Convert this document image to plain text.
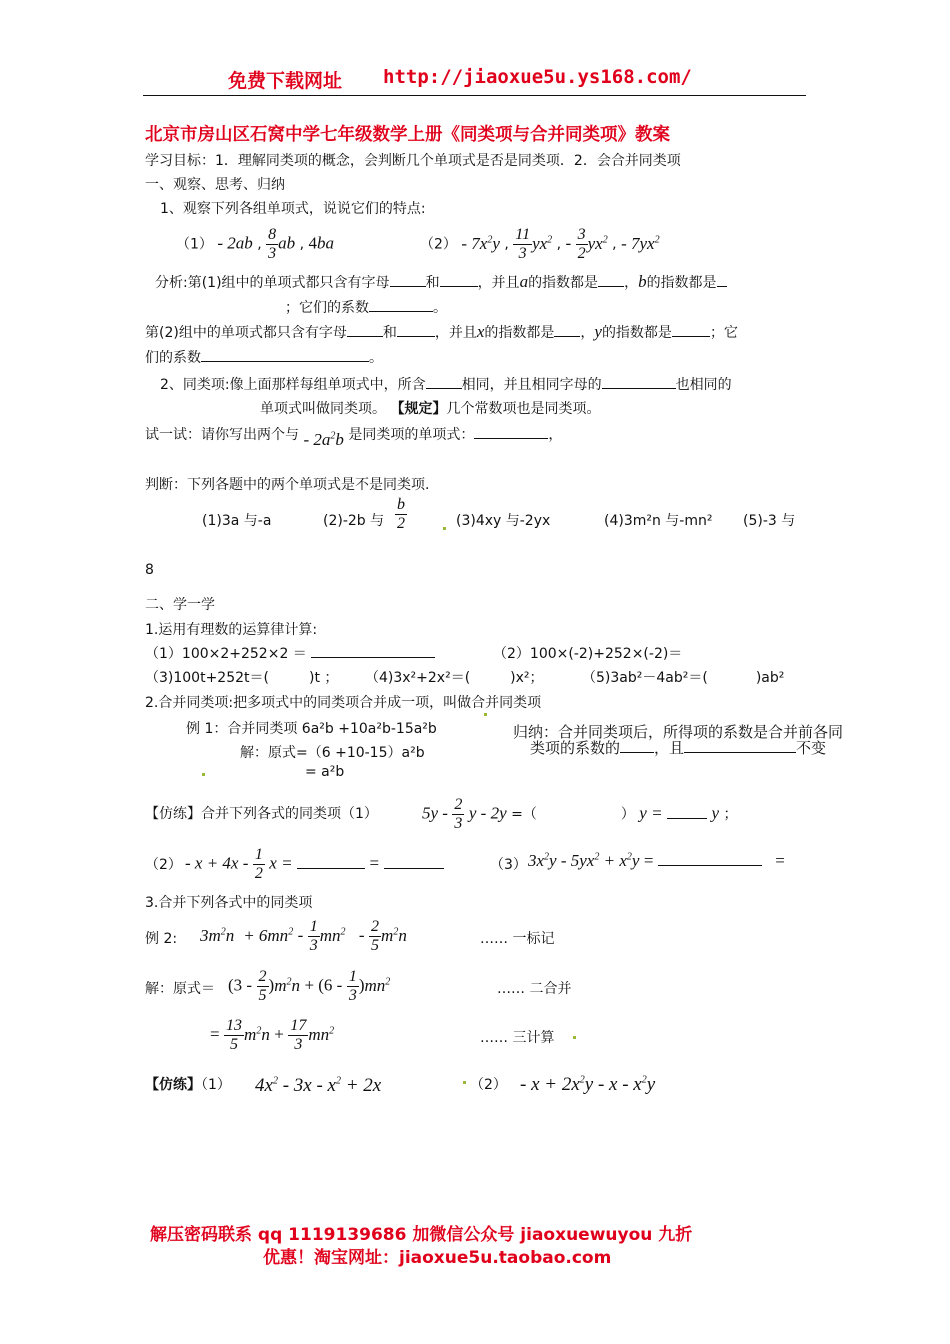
免费下载网址 http://jiaoxue5u.ys168.com/
北京市房山区石窝中学七年级数学上册《同类项与合并同类项》教案
学习目标：1．理解同类项的概念，会判断几个单项式是否是同类项．2．会合并同类项
一、观察、思考、归纳
1、观察下列各组单项式，说说它们的特点:
（1） - 2ab , $\frac{8}{3}$ ab , 4ba	$(2) - 7x^2y$ , $\frac{11}{3} yx^2$ , - $\frac{3}{2} yx^2$ , - $7yx^2$
分析:第(1)组中的单项式都只含有字母	和	，并且a的指数都是 ，b的指数都是
；它们的系数	。
第(2)组中的单项式都只含有字母	和	，并且x的指数都是 ，y的指数都是	；它
们的系数	。
2、同类项:像上面那样每组单项式中，所含	相同，并且相同字母的	也相同的
单项式叫做同类项。 【规定】几个常数项也是同类项。
试一试：请你写出两个与 - $2a^2b$ 是同类项的单项式：	，
判断：下列各题中的两个单项式是不是同类项.
(1)3a 与-a	(2)-2b 与 $\frac{b}{2}$	(3)4xy 与-2yx	(4)3m²n 与-mn² (5)-3 与
8
二、学一学
1.运用有理数的运算律计算:
（1）100×2+252×2 ＝	（2）100×(-2)+252×(-2)＝
（3)100t+252t＝(	)t ； （4)3x²+2x²＝(	)x²；	（5)3ab²－4ab²＝(	)ab²
2.合并同类项:把多项式中的同类项合并成一项，叫做合并同类项
例 1：合并同类项 6a²b +10a²b-15a²b
解：原式=（6 +10-15）a²b
= a²b
归纳：合并同类项后，所得项的系数是合并前各同
类项的系数的 ，且	不变
【仿练】合并下列各式的同类项（1）	$5y - \frac{2}{3}$ y - 2y =（	） y =	y ；
$(2) - x + 4x - \frac{1}{2}$ x =	=	（3） $3x^2y - 5yx^2 + x^2y$ =	=
3.合并下列各式中的同类项
例 2: $3m^2n + 6mn^2 - \frac{1}{3} mn^2 - \frac{2}{5} m^2n$	…… 一标记
解：原式＝ $(3 - \frac{2}{5} )m^2n + (6 - \frac{1}{3} )mn^2$	…… 二合并
= $\frac{13}{5} m^2n + \frac{17}{3} mn^2$	…… 三计算
【仿练】（1） $4x^2 - 3x - x^2 + 2x$	$(2) - x + 2x^2y - x - x^2y$
解压密码联系 qq 1119139686 加微信公众号 jiaoxuewuyou 九折
优惠！淘宝网址：jiaoxue5u.taobao.com
